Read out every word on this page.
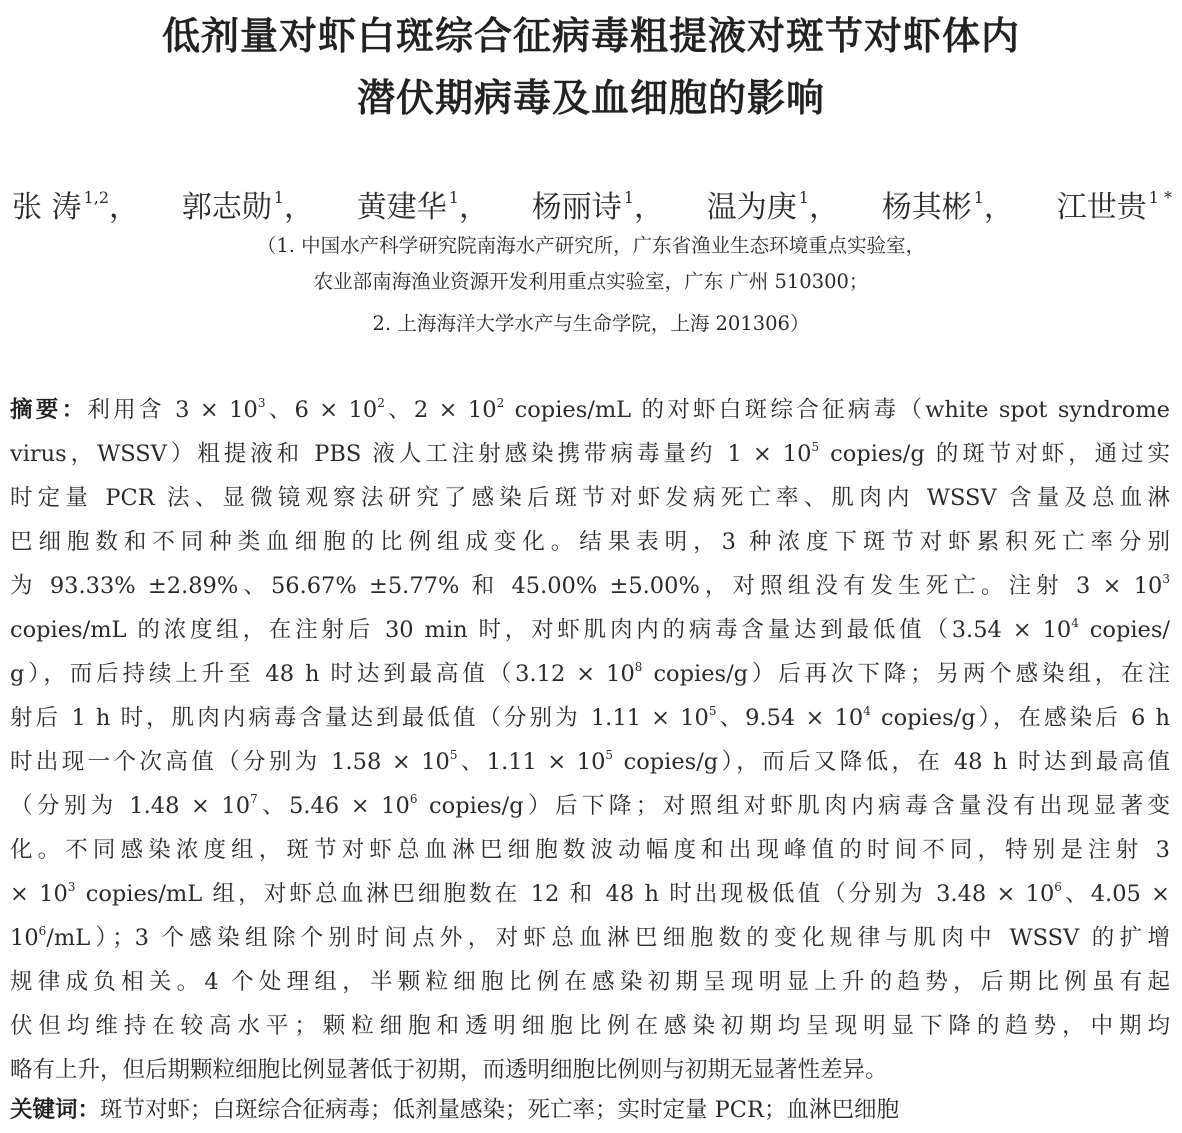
低剂量对虾白斑综合征病毒粗提液对斑节对虾体内
潜伏期病毒及血细胞的影响
张 涛 $^{1,2}$， 郭志勋 $^1$， 黄建华 $^1$， 杨丽诗 $^1$， 温为庚 $^1$， 杨其彬 $^1$， 江世贵 $^{1 *}$
（1. 中国水产科学研究院南海水产研究所，广东省渔业生态环境重点实验室，
农业部南海渔业资源开发利用重点实验室，广东 广州 510300；
2. 上海海洋大学水产与生命学院，上海 201306）
摘要：利用含 $3 \times 10^3$、$6 \times 10^2$、$2 \times 10^2$ copies/mL 的对虾白斑综合征病毒（white spot syndrome
virus，WSSV）粗提液和 PBS 液人工注射感染携带病毒量约 $1 \times 10^5$ copies/g 的斑节对虾，通过实
时定量 PCR 法、显微镜观察法研究了感染后斑节对虾发病死亡率、肌肉内 WSSV 含量及总血淋
巴细胞数和不同种类血细胞的比例组成变化。结果表明，3 种浓度下斑节对虾累积死亡率分别
为 93.33% ±2.89%、56.67% ±5.77% 和 45.00% ±5.00%，对照组没有发生死亡。注射 $3 \times 10^3$
copies/mL 的浓度组，在注射后 30 min 时，对虾肌肉内的病毒含量达到最低值（$3.54 \times 10^4$ copies/
g），而后持续上升至 48 h 时达到最高值（$3.12 \times 10^8$ copies/g）后再次下降；另两个感染组，在注
射后 1 h 时，肌肉内病毒含量达到最低值（分别为 $1.11 \times 10^5$、$9.54 \times 10^4$ copies/g），在感染后 6 h
时出现一个次高值（分别为 $1.58 \times 10^5$、$1.11 \times 10^5$ copies/g），而后又降低，在 48 h 时达到最高值
（分别为 $1.48 \times 10^7$、$5.46 \times 10^6$ copies/g）后下降；对照组对虾肌肉内病毒含量没有出现显著变
化。不同感染浓度组，斑节对虾总血淋巴细胞数波动幅度和出现峰值的时间不同，特别是注射 3
× $10^3$ copies/mL 组，对虾总血淋巴细胞数在 12 和 48 h 时出现极低值（分别为 $3.48 \times 10^6$、4.05 ×
$10^6/mL$）；3 个感染组除个别时间点外，对虾总血淋巴细胞数的变化规律与肌肉中 WSSV 的扩增
规律成负相关。4 个处理组，半颗粒细胞比例在感染初期呈现明显上升的趋势，后期比例虽有起
伏但均维持在较高水平；颗粒细胞和透明细胞比例在感染初期均呈现明显下降的趋势，中期均
略有上升，但后期颗粒细胞比例显著低于初期，而透明细胞比例则与初期无显著性差异。
关键词：斑节对虾；白斑综合征病毒；低剂量感染；死亡率；实时定量 PCR；血淋巴细胞
